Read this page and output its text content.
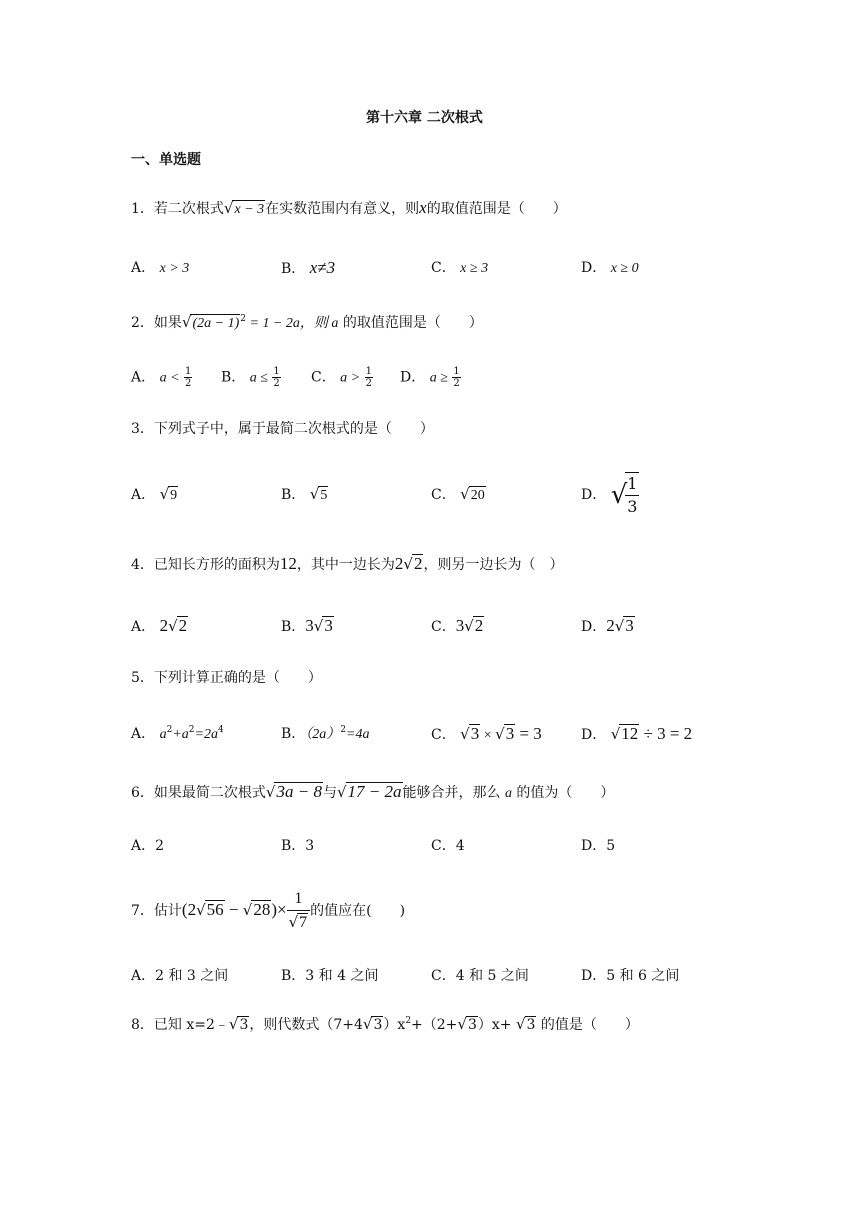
第十六章 二次根式
一、单选题
1．若二次根式√x − 3在实数范围内有意义，则x的取值范围是（　　）
A． x > 3	B． x≠3	C． x ≥ 3	D． x ≥ 0
2．如果$√(2a - 1)^2 = 1 - 2a$，则 a 的取值范围是（　　）
A． $a < \frac{1}{2}$ B． $a \le \frac{1}{2}$ C． $a > \frac{1}{2}$ D． $a \ge \frac{1}{2}$
3．下列式子中，属于最简二次根式的是（　　）
A． √9	B． √5	C． √20	D． √
$\frac{1}{3}$
4．已知长方形的面积为12，其中一边长为2√2，则另一边长为（　）
A． 2√2	B．3√3	C．3√2	D．2√3
5．下列计算正确的是（　　）
A． $a^2+a^2=2a^4$	B．$(2a)^2=4a$	C． √3 × √3 = 3	D． √12 ÷ 3 = 2
6．如果最简二次根式√3a − 8与√17 − 2a能够合并，那么 a 的值为（　　）
A．2	B．3	C．4	D．5
7．估计$(2√56 - √28)\times \frac{1}{√7}$ 的值应在(　　)
A．2 和 3 之间	B．3 和 4 之间	C．4 和 5 之间	D．5 和 6 之间
8．已知 x=2﹣√3，则代数式$(7+4√3)x^2+(2+√3)x+ √3$ 的值是（　　）
